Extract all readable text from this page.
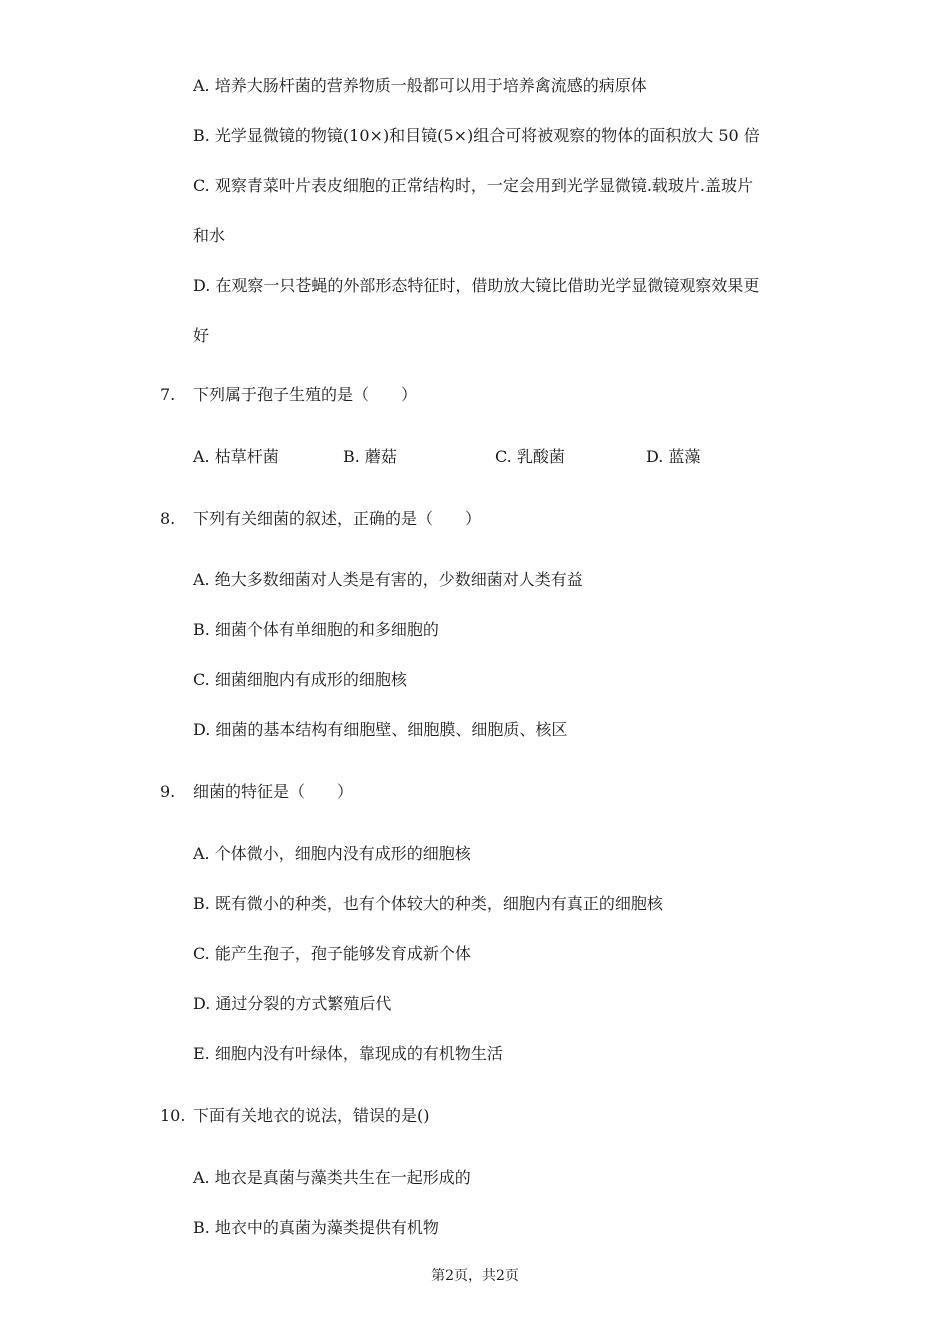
A. 培养大肠杆菌的营养物质一般都可以用于培养禽流感的病原体
B. 光学显微镜的物镜(10×)和目镜(5×)组合可将被观察的物体的面积放大 50 倍
C. 观察青菜叶片表皮细胞的正常结构时，一定会用到光学显微镜.载玻片.盖玻片
和水
D. 在观察一只苍蝇的外部形态特征时，借助放大镜比借助光学显微镜观察效果更
好
7. 下列属于孢子生殖的是（　　）
A. 枯草杆菌	B. 蘑菇	C. 乳酸菌	D. 蓝藻
8. 下列有关细菌的叙述，正确的是（　　）
A. 绝大多数细菌对人类是有害的，少数细菌对人类有益
B. 细菌个体有单细胞的和多细胞的
C. 细菌细胞内有成形的细胞核
D. 细菌的基本结构有细胞壁、细胞膜、细胞质、核区
9. 细菌的特征是（　　）
A. 个体微小，细胞内没有成形的细胞核
B. 既有微小的种类，也有个体较大的种类，细胞内有真正的细胞核
C. 能产生孢子，孢子能够发育成新个体
D. 通过分裂的方式繁殖后代
E. 细胞内没有叶绿体，靠现成的有机物生活
10. 下面有关地衣的说法，错误的是()
A. 地衣是真菌与藻类共生在一起形成的
B. 地衣中的真菌为藻类提供有机物
第2页，共2页
